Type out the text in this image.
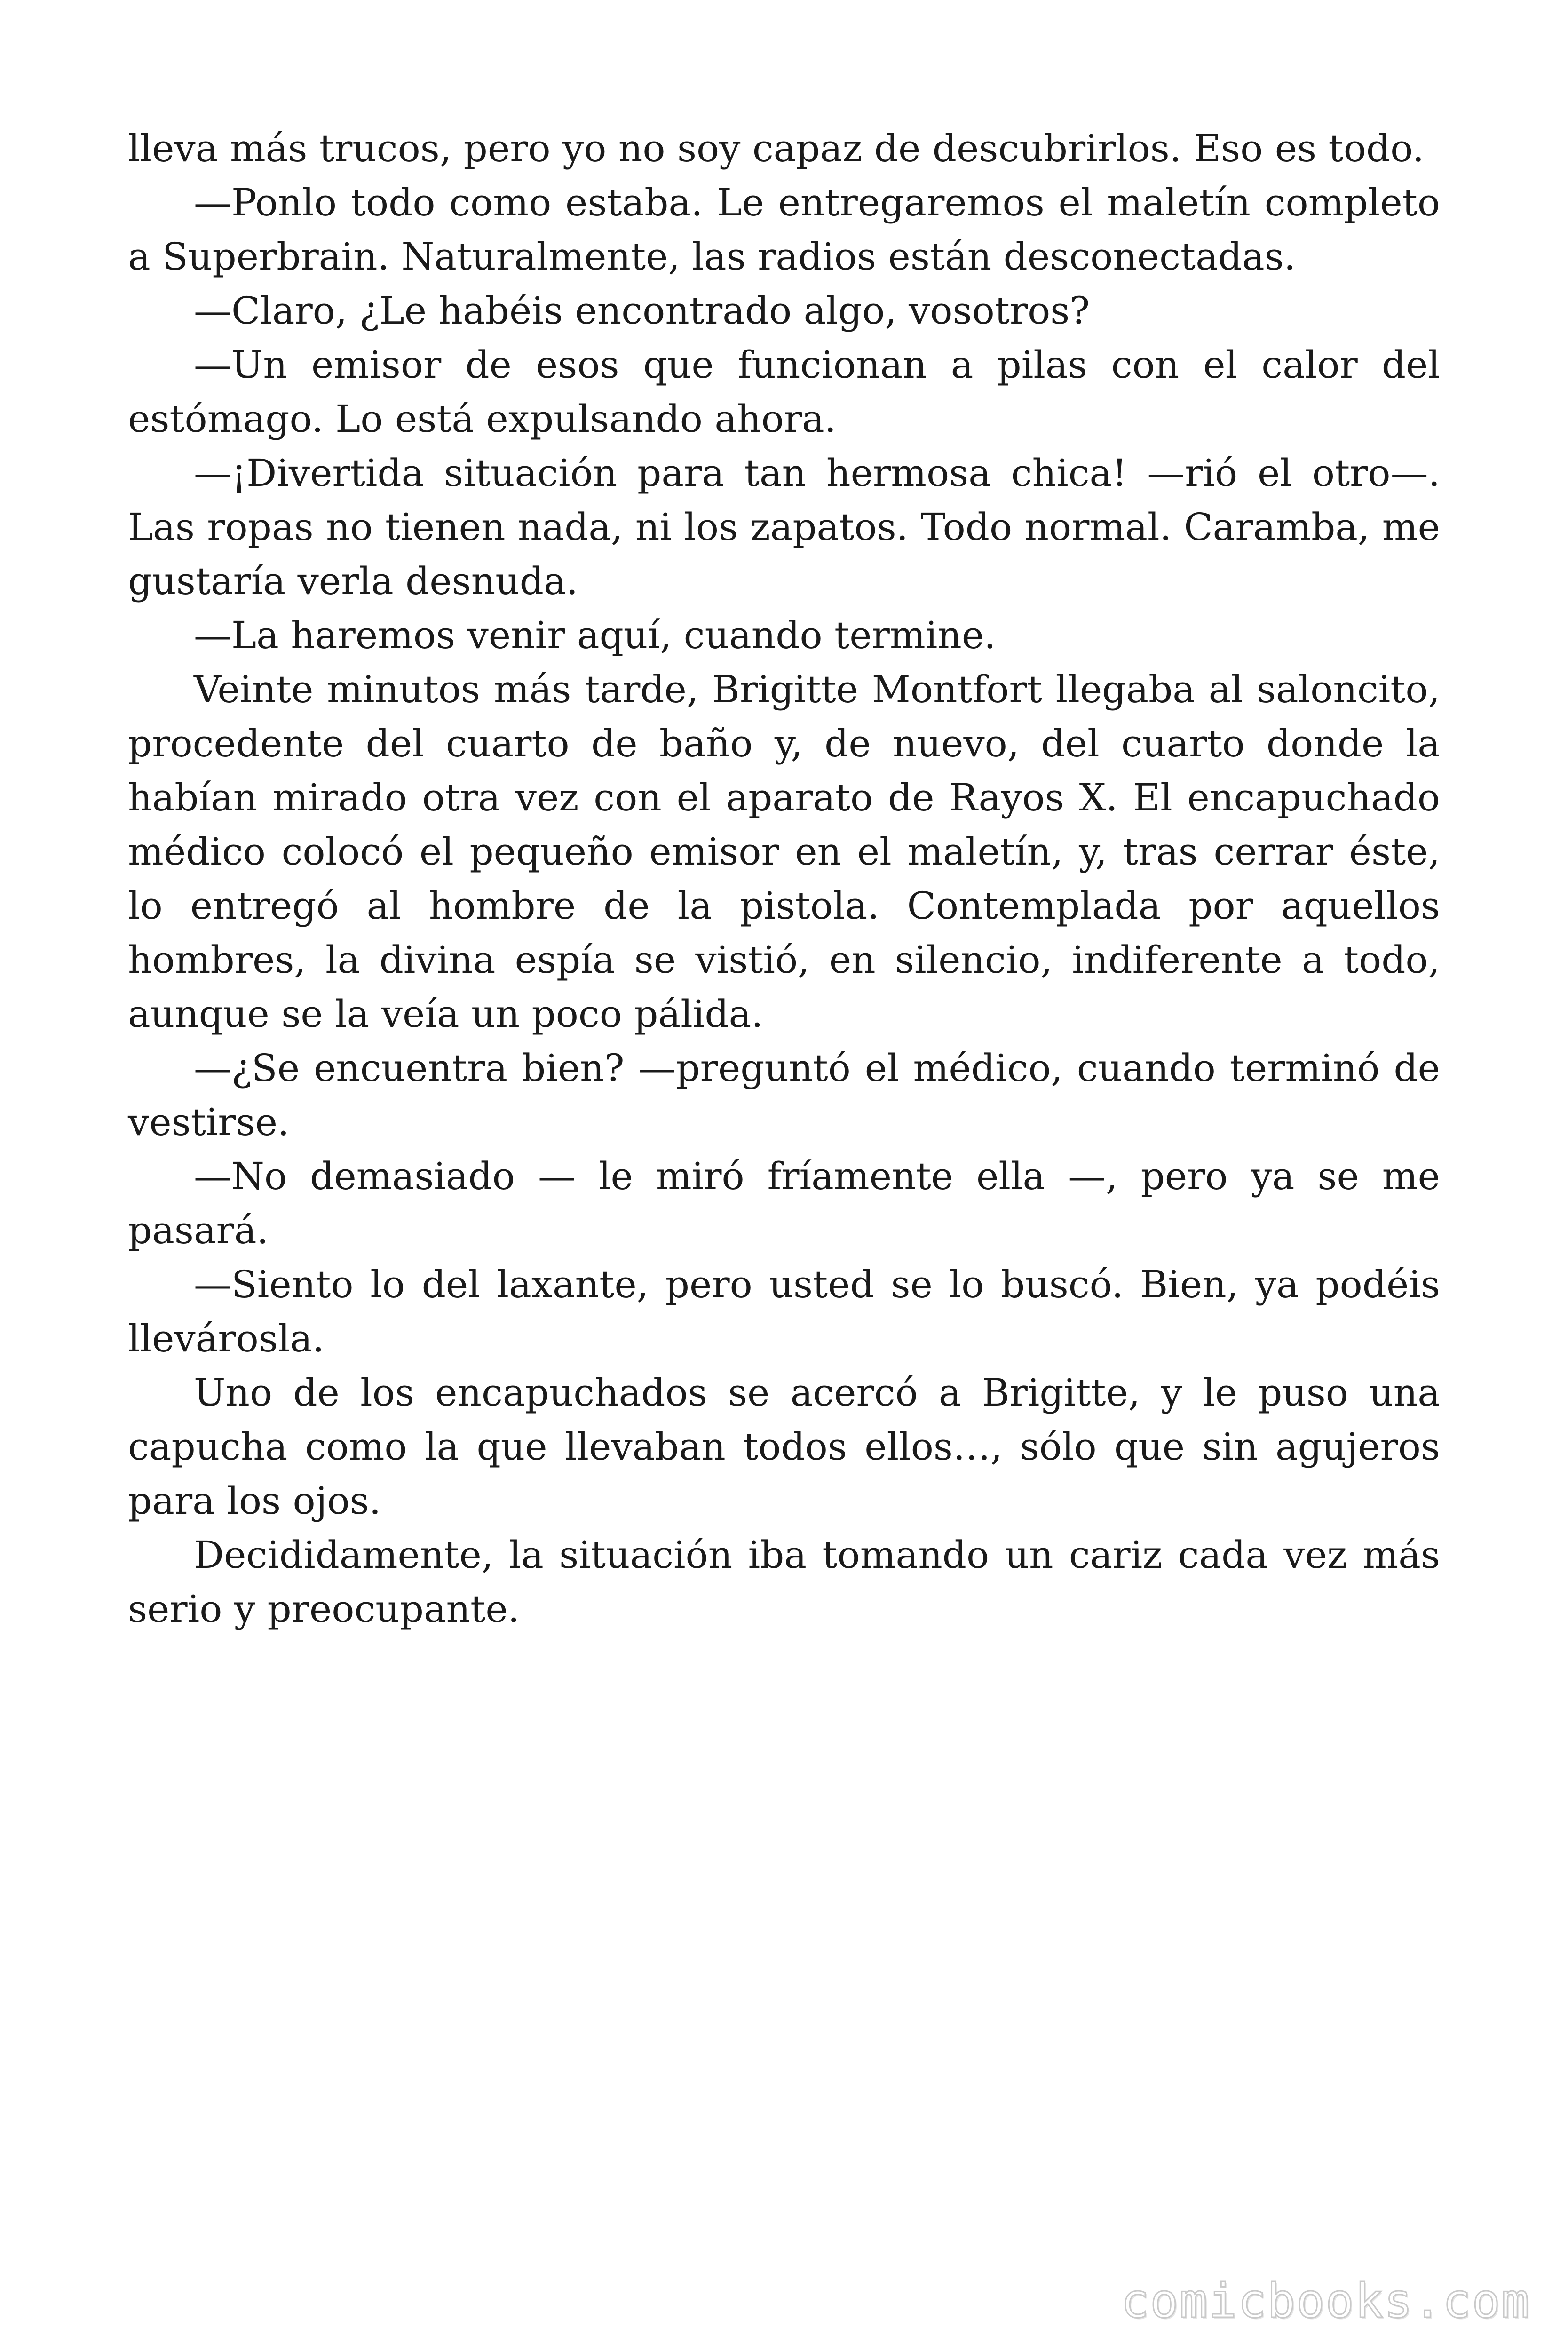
lleva más trucos, pero yo no soy capaz de descubrirlos. Eso es todo.

—Ponlo todo como estaba. Le entregaremos el maletín completo a Superbrain. Naturalmente, las radios están desconectadas.

—Claro, ¿Le habéis encontrado algo, vosotros?

—Un emisor de esos que funcionan a pilas con el calor del estómago. Lo está expulsando ahora.

—¡Divertida situación para tan hermosa chica! —rió el otro—. Las ropas no tienen nada, ni los zapatos. Todo normal. Caramba, me gustaría verla desnuda.

—La haremos venir aquí, cuando termine.

Veinte minutos más tarde, Brigitte Montfort llegaba al saloncito, procedente del cuarto de baño y, de nuevo, del cuarto donde la habían mirado otra vez con el aparato de Rayos X. El encapuchado médico colocó el pequeño emisor en el maletín, y, tras cerrar éste, lo entregó al hombre de la pistola. Contemplada por aquellos hombres, la divina espía se vistió, en silencio, indiferente a todo, aunque se la veía un poco pálida.

—¿Se encuentra bien? —preguntó el médico, cuando terminó de vestirse.

—No demasiado — le miró fríamente ella —, pero ya se me pasará.

—Siento lo del laxante, pero usted se lo buscó. Bien, ya podéis llevárosla.

Uno de los encapuchados se acercó a Brigitte, y le puso una capucha como la que llevaban todos ellos…, sólo que sin agujeros para los ojos.

Decididamente, la situación iba tomando un cariz cada vez más serio y preocupante.

comicbooks.com
